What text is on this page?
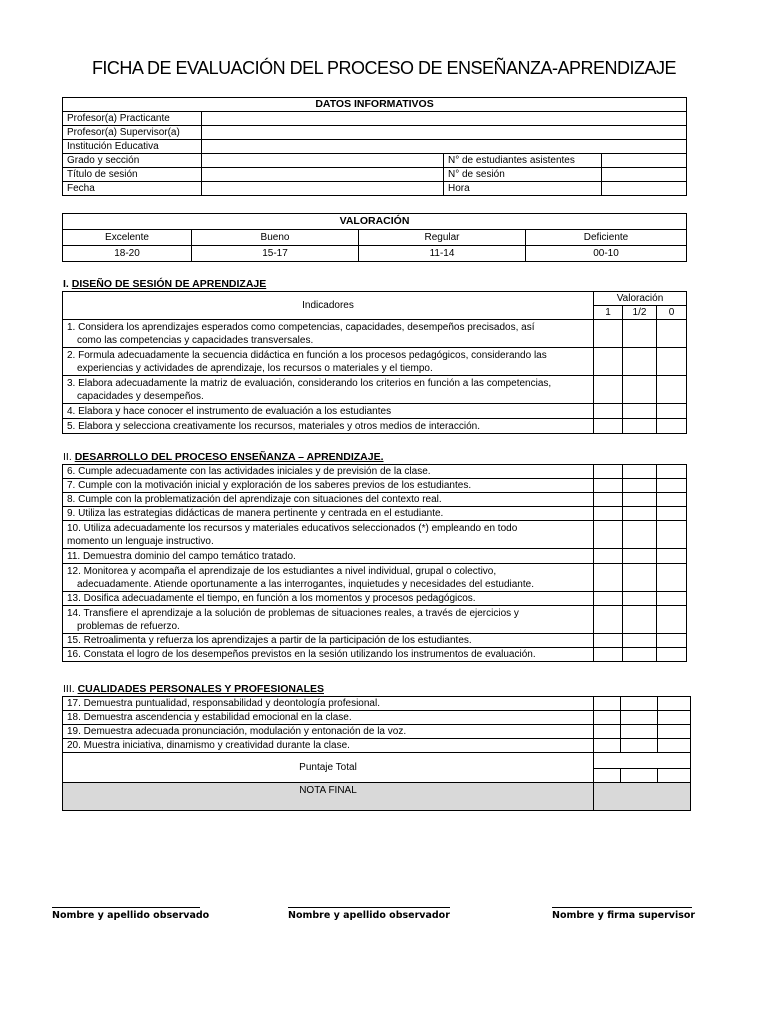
FICHA DE EVALUACIÓN DEL PROCESO DE ENSEÑANZA-APRENDIZAJE
DATOS INFORMATIVOS			
Profesor(a) Practicante			
Profesor(a) Supervisor(a)			
Institución Educativa			
Grado y sección		N° de estudiantes asistentes	
Título de sesión		N° de sesión	
Fecha		Hora	
VALORACIÓN			
Excelente	Bueno	Regular	Deficiente
18-20	15-17	11-14	00-10
I. DISEÑO DE SESIÓN DE APRENDIZAJE
Indicadores	Valoración		
	1	1/2	0

1. Considera los aprendizajes esperados como competencias, capacidades, desempeños precisados, así
como las competencias y capacidades transversales.			

2. Formula adecuadamente la secuencia didáctica en función a los procesos pedagógicos, considerando las
experiencias y actividades de aprendizaje, los recursos o materiales y el tiempo.			

3. Elabora adecuadamente la matriz de evaluación, considerando los criterios en función a las competencias,
capacidades y desempeños.			

4. Elabora y hace conocer el instrumento de evaluación a los estudiantes			
5. Elabora y selecciona creativamente los recursos, materiales y otros medios de interacción.			
II. DESARROLLO DEL PROCESO ENSEÑANZA – APRENDIZAJE.
6. Cumple adecuadamente con las actividades iniciales y de previsión de la clase.			
7. Cumple con la motivación inicial y exploración de los saberes previos de los estudiantes.			
8. Cumple con la problematización del aprendizaje con situaciones del contexto real.			
9. Utiliza las estrategias didácticas de manera pertinente y centrada en el estudiante.			

10. Utiliza adecuadamente los recursos y materiales educativos seleccionados (*) empleando en todo
momento un lenguaje instructivo.			

11. Demuestra dominio del campo temático tratado.			

12. Monitorea y acompaña el aprendizaje de los estudiantes a nivel individual, grupal o colectivo,
adecuadamente. Atiende oportunamente a las interrogantes, inquietudes y necesidades del estudiante.			

13. Dosifica adecuadamente el tiempo, en función a los momentos y procesos pedagógicos.			

14. Transfiere el aprendizaje a la solución de problemas de situaciones reales, a través de ejercicios y
problemas de refuerzo.			

15. Retroalimenta y refuerza los aprendizajes a partir de la participación de los estudiantes.			
16. Constata el logro de los desempeños previstos en la sesión utilizando los instrumentos de evaluación.			
III. CUALIDADES PERSONALES Y PROFESIONALES
17. Demuestra puntualidad, responsabilidad y deontología profesional.			
18. Demuestra ascendencia y estabilidad emocional en la clase.			
19. Demuestra adecuada pronunciación, modulación y entonación de la voz.			
20. Muestra iniciativa, dinamismo y creatividad durante la clase.			
Puntaje Total			

NOTA FINAL			
Nombre y apellido observado	Nombre y apellido observador	Nombre y firma supervisor
